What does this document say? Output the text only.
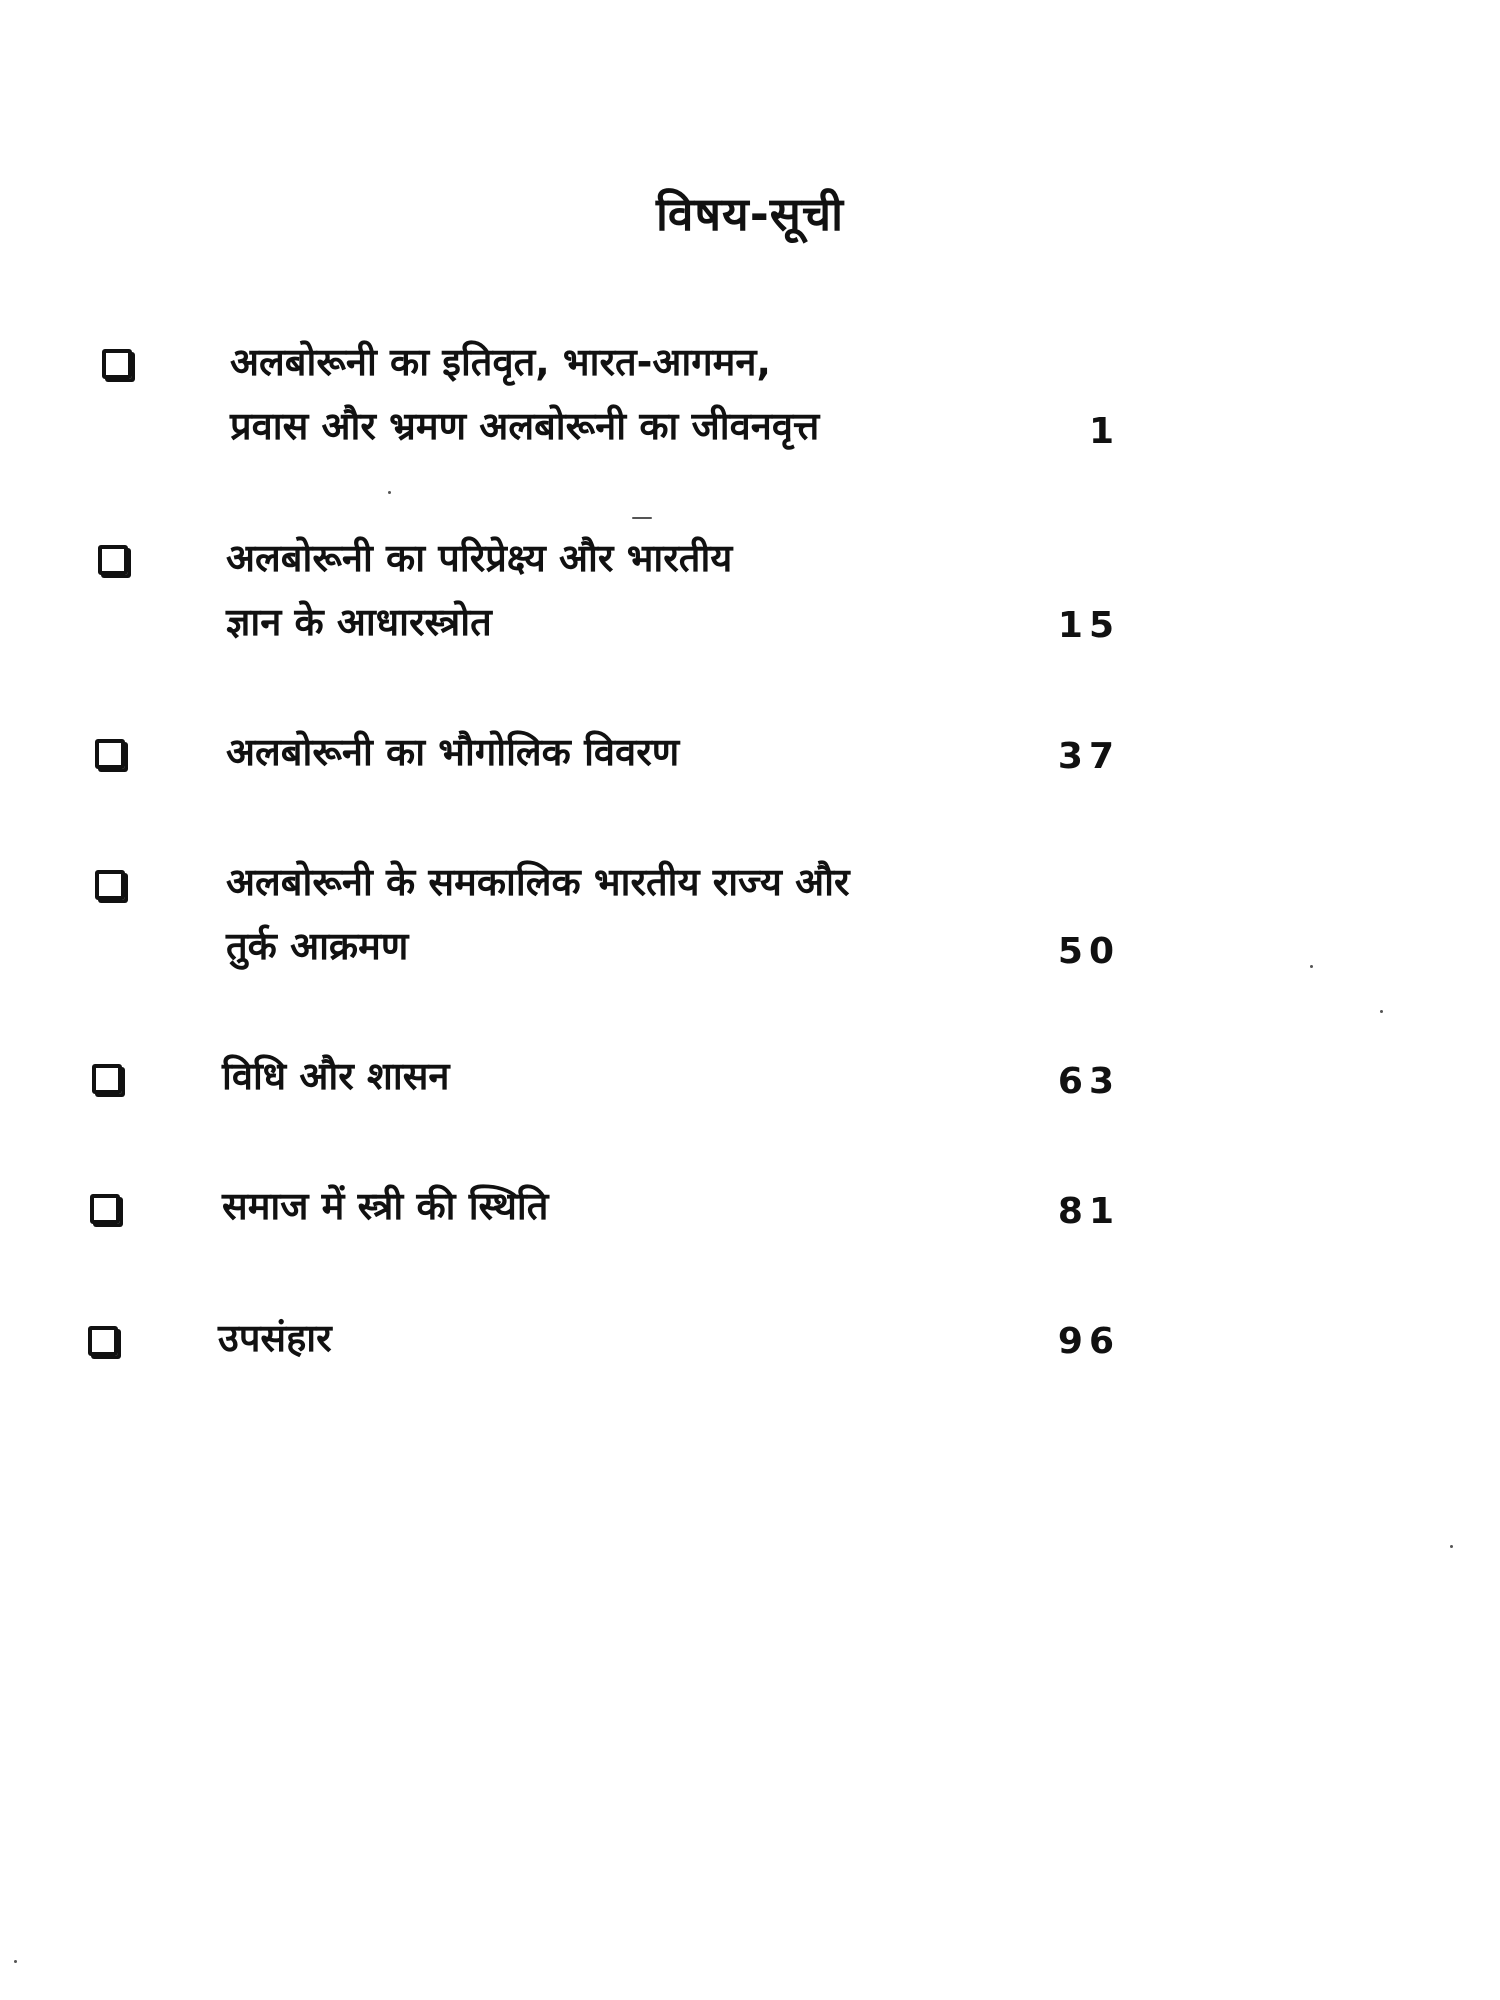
विषय-सूची
अलबोरूनी का इतिवृत, भारत-आगमन,
प्रवास और भ्रमण अलबोरूनी का जीवनवृत्त	1
अलबोरूनी का परिप्रेक्ष्य और भारतीय
ज्ञान के आधारस्त्रोत	15
अलबोरूनी का भौगोलिक विवरण	37
अलबोरूनी के समकालिक भारतीय राज्य और
तुर्क आक्रमण	50
विधि और शासन	63
समाज में स्त्री की स्थिति	81
उपसंहार	96
